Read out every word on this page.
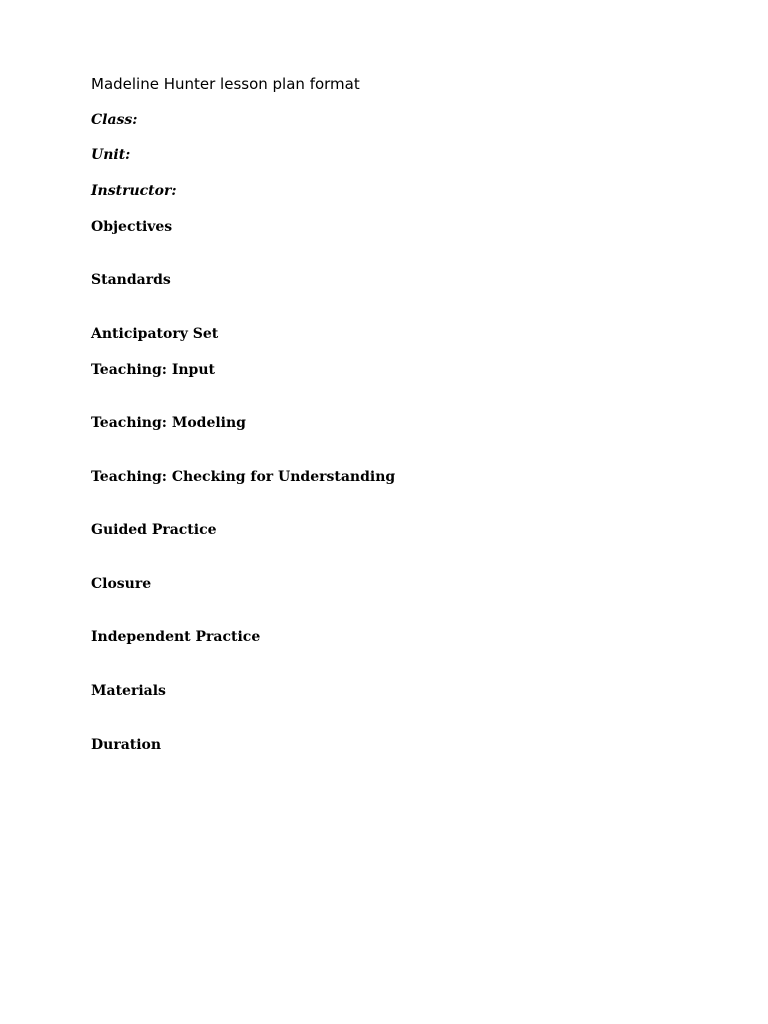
Madeline Hunter lesson plan format
Class:
Unit:
Instructor:
Objectives
Standards
Anticipatory Set
Teaching: Input
Teaching: Modeling
Teaching: Checking for Understanding
Guided Practice
Closure
Independent Practice
Materials
Duration
